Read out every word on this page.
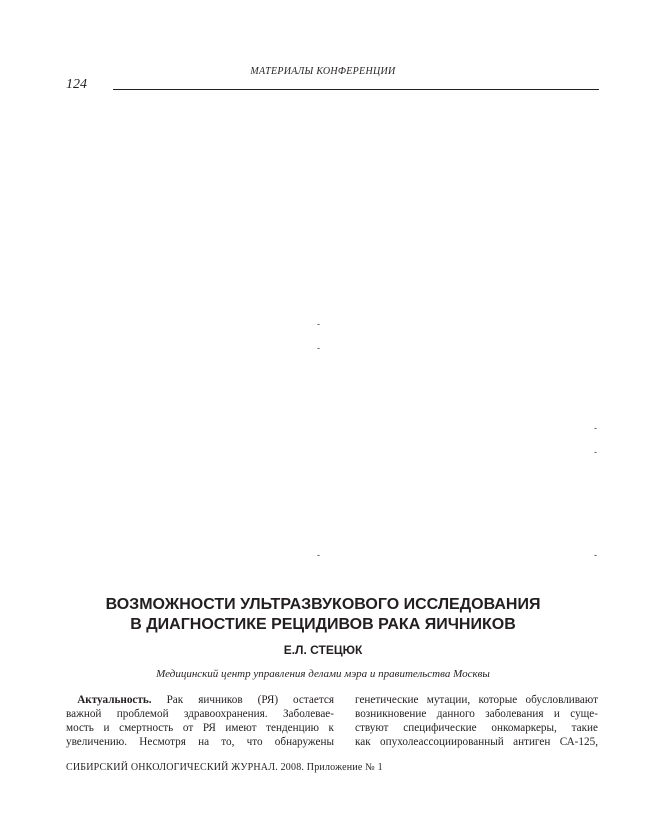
МАТЕРИАЛЫ КОНФЕРЕНЦИИ
124
-
-
-
-
-	-
ВОЗМОЖНОСТИ УЛЬТРАЗВУКОВОГО ИССЛЕДОВАНИЯ
В ДИАГНОСТИКЕ РЕЦИДИВОВ РАКА ЯИЧНИКОВ
Е.Л. СТЕЦЮК
Медицинский центр управления делами мэра и правительства Москвы
 Актуальность. Рак яичников (РЯ) остается
важной проблемой здравоохранения. Заболевае-
мость и смертность от РЯ имеют тенденцию к
увеличению. Несмотря на то, что обнаружены
генетические мутации, которые обусловливают
возникновение данного заболевания и суще-
ствуют специфические онкомаркеры, такие
как опухолеассоциированный антиген СА-125,
СИБИРСКИЙ ОНКОЛОГИЧЕСКИЙ ЖУРНАЛ. 2008. Приложение № 1
